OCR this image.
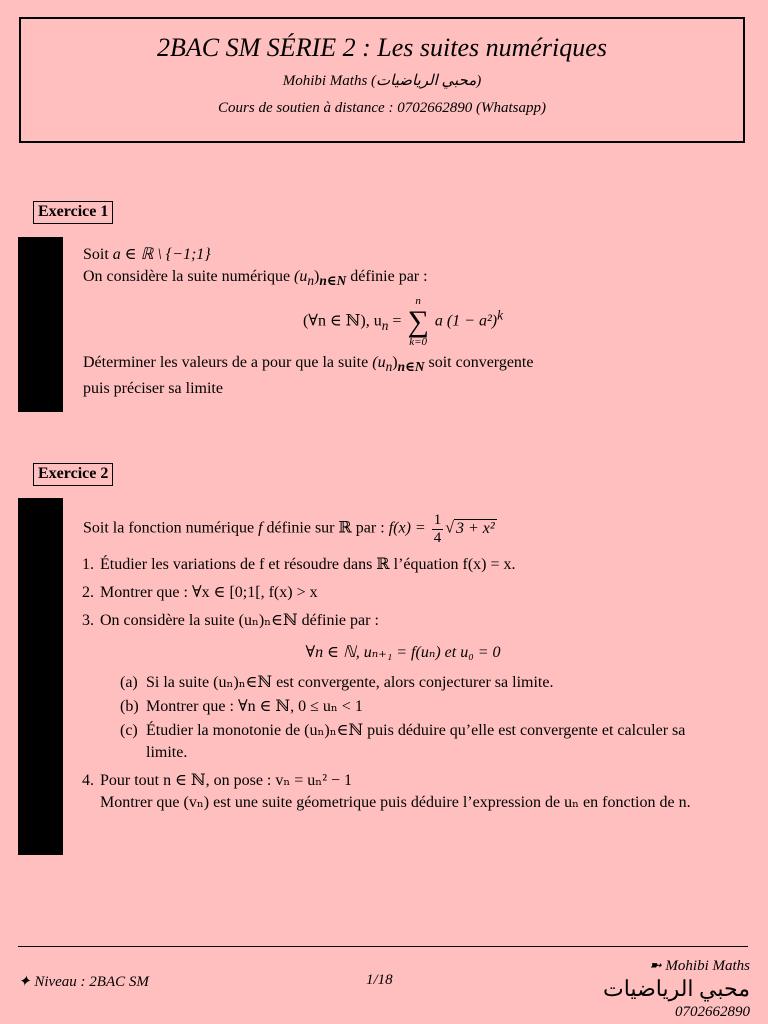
2BAC SM SÉRIE 2 : Les suites numériques
Mohibi Maths (محبي الرياضيات)
Cours de soutien à distance : 0702662890 (Whatsapp)
Exercice 1
Soit a ∈ ℝ \ {−1;1}
On considère la suite numérique $(u_n)_{n\in N}$ définie par :
(∀n ∈ ℕ), $u_n$ =
n
∑
k=0
a $(1 - a^2)^k$
Déterminer les valeurs de a pour que la suite $(u_n)_{n\in N}$ soit convergente
puis préciser sa limite
Exercice 2
Soit la fonction numérique f définie sur ℝ par : $f(x) = \frac{1}{4}$ √ 3 + x²
1. Étudier les variations de f et résoudre dans ℝ l’équation f(x) = x.
2. Montrer que : ∀x ∈ [0;1[, f(x) > x
3. On considère la suite (uₙ)ₙ∈ℕ définie par :
∀n ∈ ℕ, uₙ₊₁ = f(uₙ) et u₀ = 0
(a) Si la suite (uₙ)ₙ∈ℕ est convergente, alors conjecturer sa limite.
(b) Montrer que : ∀n ∈ ℕ, 0 ≤ uₙ < 1
(c) Étudier la monotonie de (uₙ)ₙ∈ℕ puis déduire qu’elle est convergente et calculer sa limite.
4. Pour tout n ∈ ℕ, on pose : vₙ = uₙ² − 1
Montrer que (vₙ) est une suite géometrique puis déduire l’expression de uₙ en fonction de n.
✦ Niveau : 2BAC SM	1/18
➼ Mohibi Maths
محبي الرياضيات
0702662890
